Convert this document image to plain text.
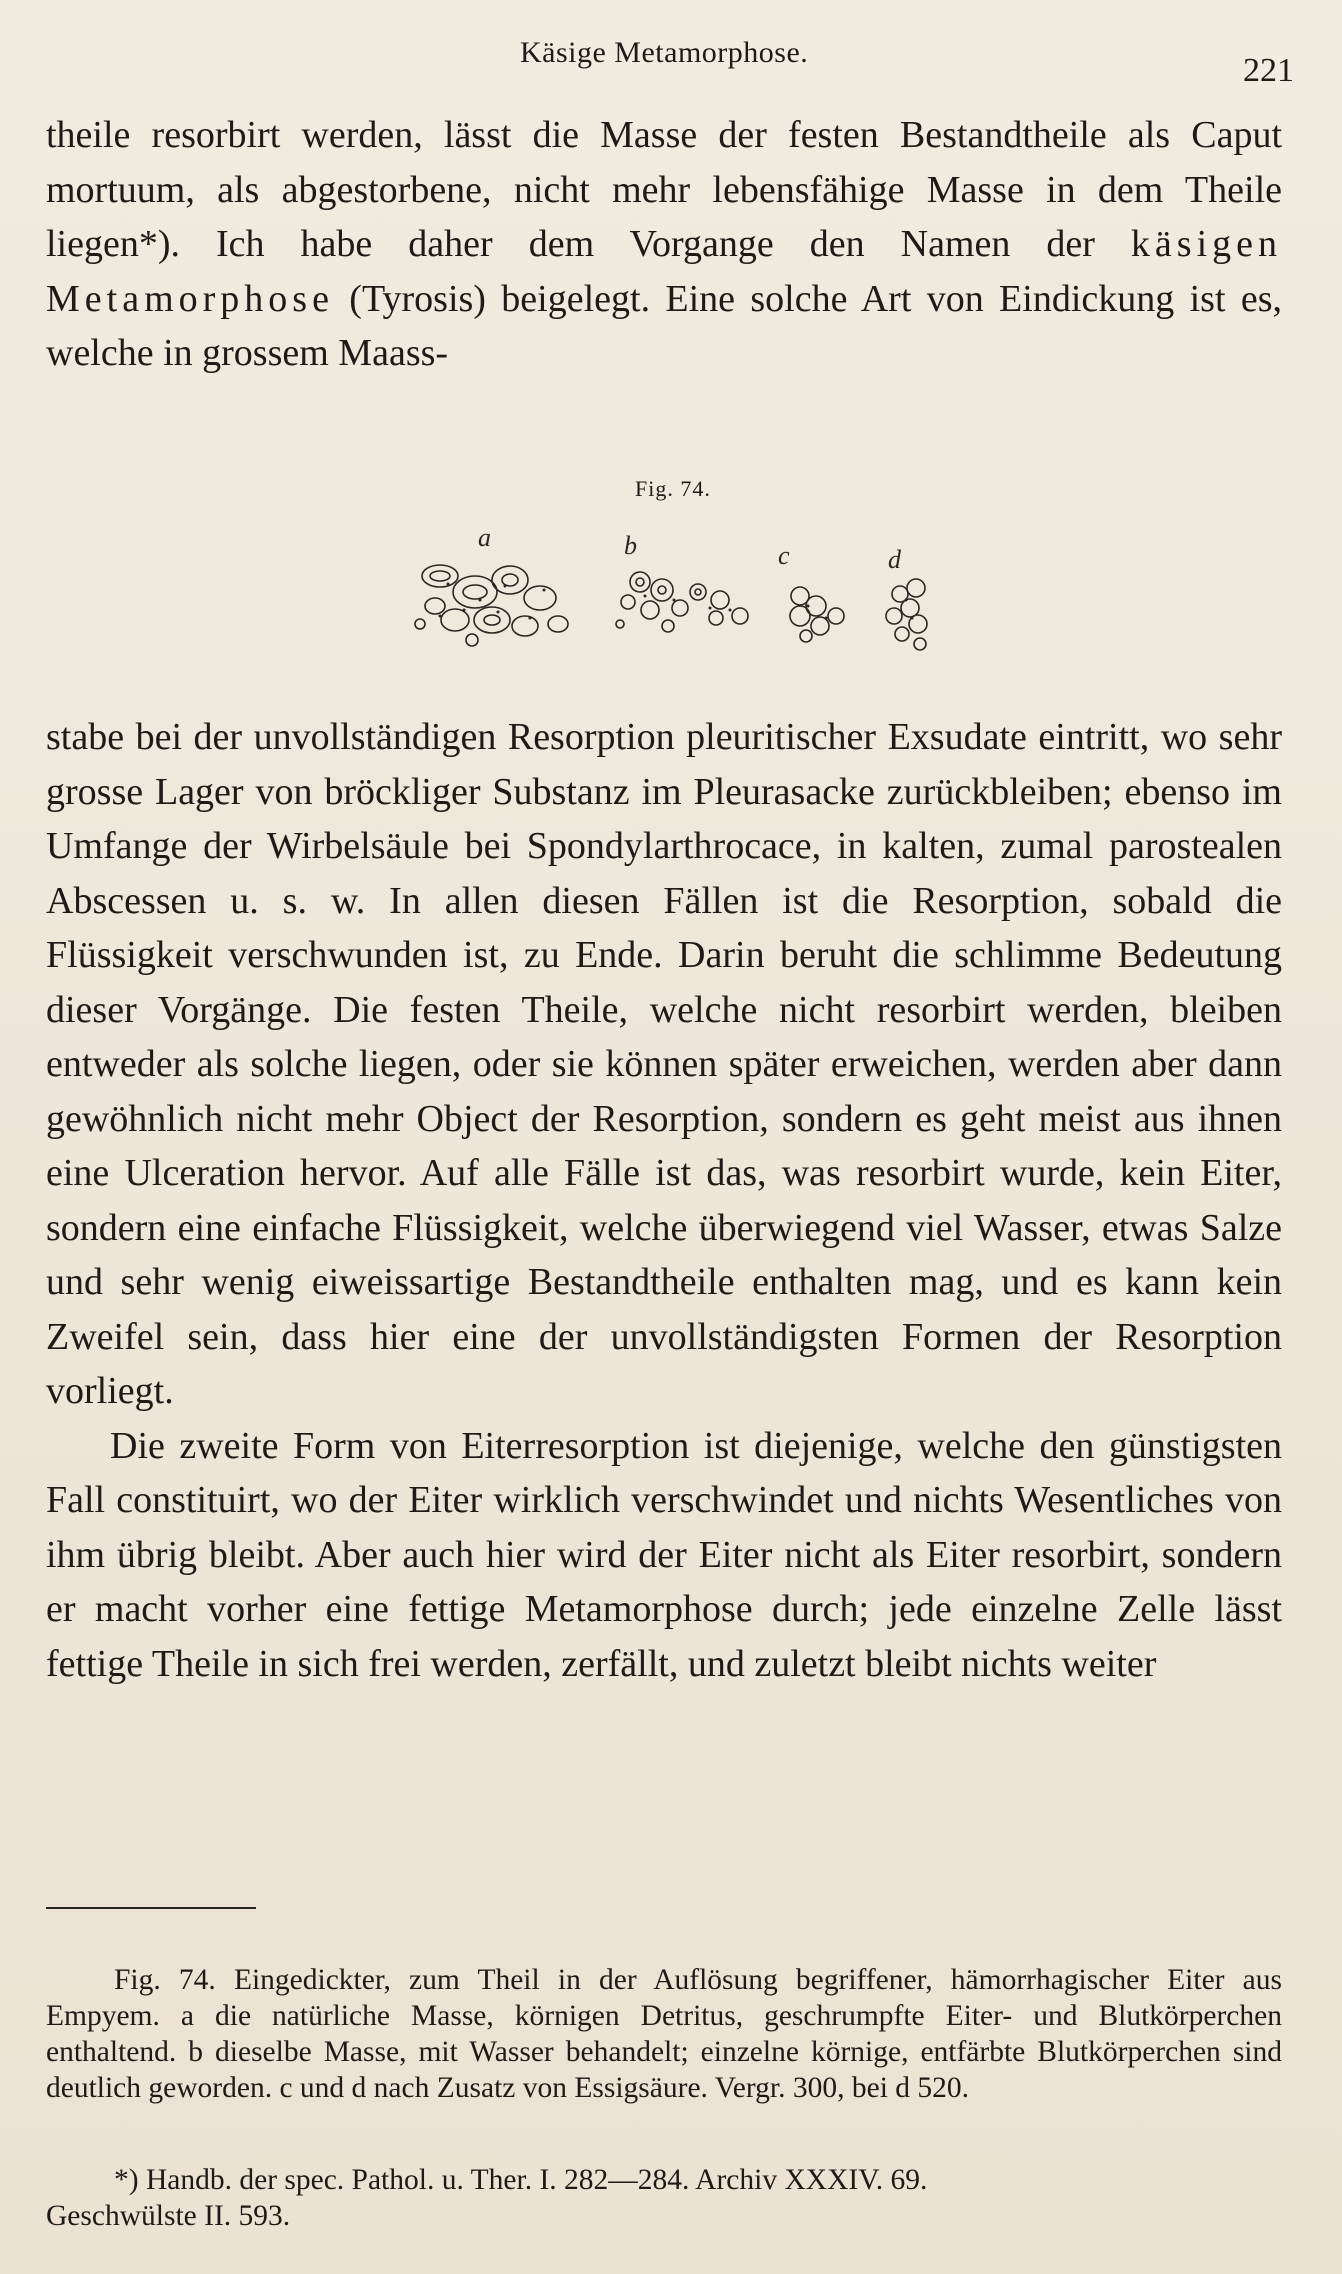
Käsige Metamorphose.	221

theile resorbirt werden, lässt die Masse der festen Bestandtheile als Caput mortuum, als abgestorbene, nicht mehr lebensfähige Masse in dem Theile liegen*). Ich habe daher dem Vorgange den Namen der käsigen Metamorphose (Tyrosis) beigelegt. Eine solche Art von Eindickung ist es, welche in grossem Maass-

Fig. 74.
a	b	c	d

stabe bei der unvollständigen Resorption pleuritischer Exsudate eintritt, wo sehr grosse Lager von bröckliger Substanz im Pleurasacke zurückbleiben; ebenso im Umfange der Wirbelsäule bei Spondylarthrocace, in kalten, zumal parostealen Abscessen u. s. w. In allen diesen Fällen ist die Resorption, sobald die Flüssigkeit verschwunden ist, zu Ende. Darin beruht die schlimme Bedeutung dieser Vorgänge. Die festen Theile, welche nicht resorbirt werden, bleiben entweder als solche liegen, oder sie können später erweichen, werden aber dann gewöhnlich nicht mehr Object der Resorption, sondern es geht meist aus ihnen eine Ulceration hervor. Auf alle Fälle ist das, was resorbirt wurde, kein Eiter, sondern eine einfache Flüssigkeit, welche überwiegend viel Wasser, etwas Salze und sehr wenig eiweissartige Bestandtheile enthalten mag, und es kann kein Zweifel sein, dass hier eine der unvollständigsten Formen der Resorption vorliegt.

Die zweite Form von Eiterresorption ist diejenige, welche den günstigsten Fall constituirt, wo der Eiter wirklich verschwindet und nichts Wesentliches von ihm übrig bleibt. Aber auch hier wird der Eiter nicht als Eiter resorbirt, sondern er macht vorher eine fettige Metamorphose durch; jede einzelne Zelle lässt fettige Theile in sich frei werden, zerfällt, und zuletzt bleibt nichts weiter

Fig. 74. Eingedickter, zum Theil in der Auflösung begriffener, hämorrhagischer Eiter aus Empyem. a die natürliche Masse, körnigen Detritus, geschrumpfte Eiter- und Blutkörperchen enthaltend. b dieselbe Masse, mit Wasser behandelt; einzelne körnige, entfärbte Blutkörperchen sind deutlich geworden. c und d nach Zusatz von Essigsäure. Vergr. 300, bei d 520.

*) Handb. der spec. Pathol. u. Ther. I. 282—284. Archiv XXXIV. 69.

Geschwülste II. 593.
